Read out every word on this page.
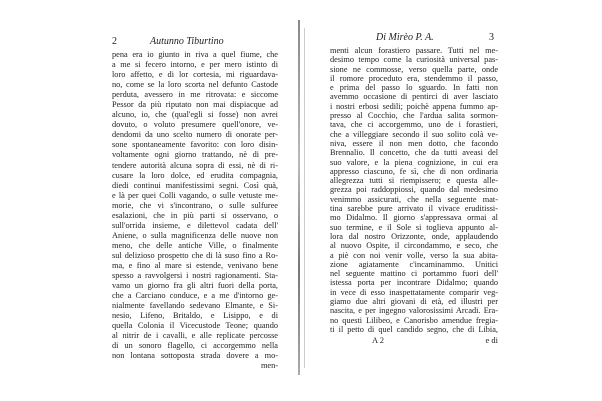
2	Autunno Tiburtino
pena era io giunto in riva a quel fiume, che
a me si fecero intorno, e per mero istinto di
loro affetto, e di lor cortesia, mi riguardava-
no, come se la loro scorta nel defunto Castode
perduta, avessero in me ritrovata: e siccome
Pessor da più riputato non mai dispiacque ad
alcuno, io, che (qual'egli si fosse) non avrei
dovuto, o voluto presumere quell'onore, ve-
dendomi da uno scelto numero di onorate per-
sone spontaneamente favorito: con loro disin-
voltamente ogni giorno trattando, nè di pre-
tendere autorità alcuna sopra di essi, nè di ri-
cusare la loro dolce, ed erudita compagnia,
diedi continui manifestissimi segni. Così quà,
e là per quei Colli vagando, o sulle vetuste me-
morie, che vi s'incontrano, o sulle sulfuree
esalazioni, che in più parti si osservano, o
sull'orrida insieme, e dilettevol cadata dell'
Aniene, o sulla magnificenza delle nuove non
meno, che delle antiche Ville, o finalmente
sul delizioso prospetto che di là suso fino a Ro-
ma, e fino al mare si estende, venivano bene
spesso a ravvolgersi i nostri ragionamenti. Sta-
vamo un giorno fra gli altri fuori della porta,
che a Carciano conduce, e a me d'intorno ge-
nialmente favellando sedevano Elmante, e Si-
nesio, Lifeno, Britaldo, e Lisippo, e di
quella Colonia il Vicecustode Teone; quando
al nitrir de i cavalli, e alle replicate percosse
di un sonoro flagello, ci accorgemmo nella
non lontana sottoposta strada dovere a mo-
men-
Di Mirèo P. A.	3
menti alcun forastiero passare. Tutti nel me-
desimo tempo come la curiosità universal pas-
sione ne commosse, verso quella parte, onde
il romore proceduto era, stendemmo il passo,
e prima del passo lo sguardo. In fatti non
avemmo occasione di pentirci di aver lasciato
i nostri erbosi sedili; poichè appena fummo ap-
presso al Cocchio, che l'ardua salita sormon-
tava, che ci accorgemmo, uno de i forastieri,
che a villeggiare secondo il suo solito colà ve-
niva, essere il non men dotto, che facondo
Brennalio. Il concetto, che da tutti aveasi del
suo valore, e la piena cognizione, in cui era
appresso ciascuno, fe sì, che di non ordinaria
allegrezza tutti si riempissero; e questa alle-
grezza poi raddoppiossi, quando dal medesimo
venimmo assicurati, che nella seguente mat-
tina sarebbe pure arrivato il vivace eruditissi-
mo Didalmo. Il giorno s'appressava ormai al
suo termine, e il Sole si toglieva appunto al-
lora dal nostro Orizzonte, onde, applaudendo
al nuovo Ospite, il circondammo, e seco, che
a piè con noi venir volle, verso la sua abita-
zione agiatamente c'incaminammo. Unitici
nel seguente mattino ci portammo fuori dell'
istessa porta per incontrare Didalmo; quando
in vece di esso inaspettatamente comparir veg-
giamo due altri giovani di età, ed illustri per
nascita, e per ingegno valorosissimi Arcadi. Era-
no questi Lilibeo, e Canorisbo amendue fregia-
ti il petto di quel candido segno, che di Libia,
A 2	e di
